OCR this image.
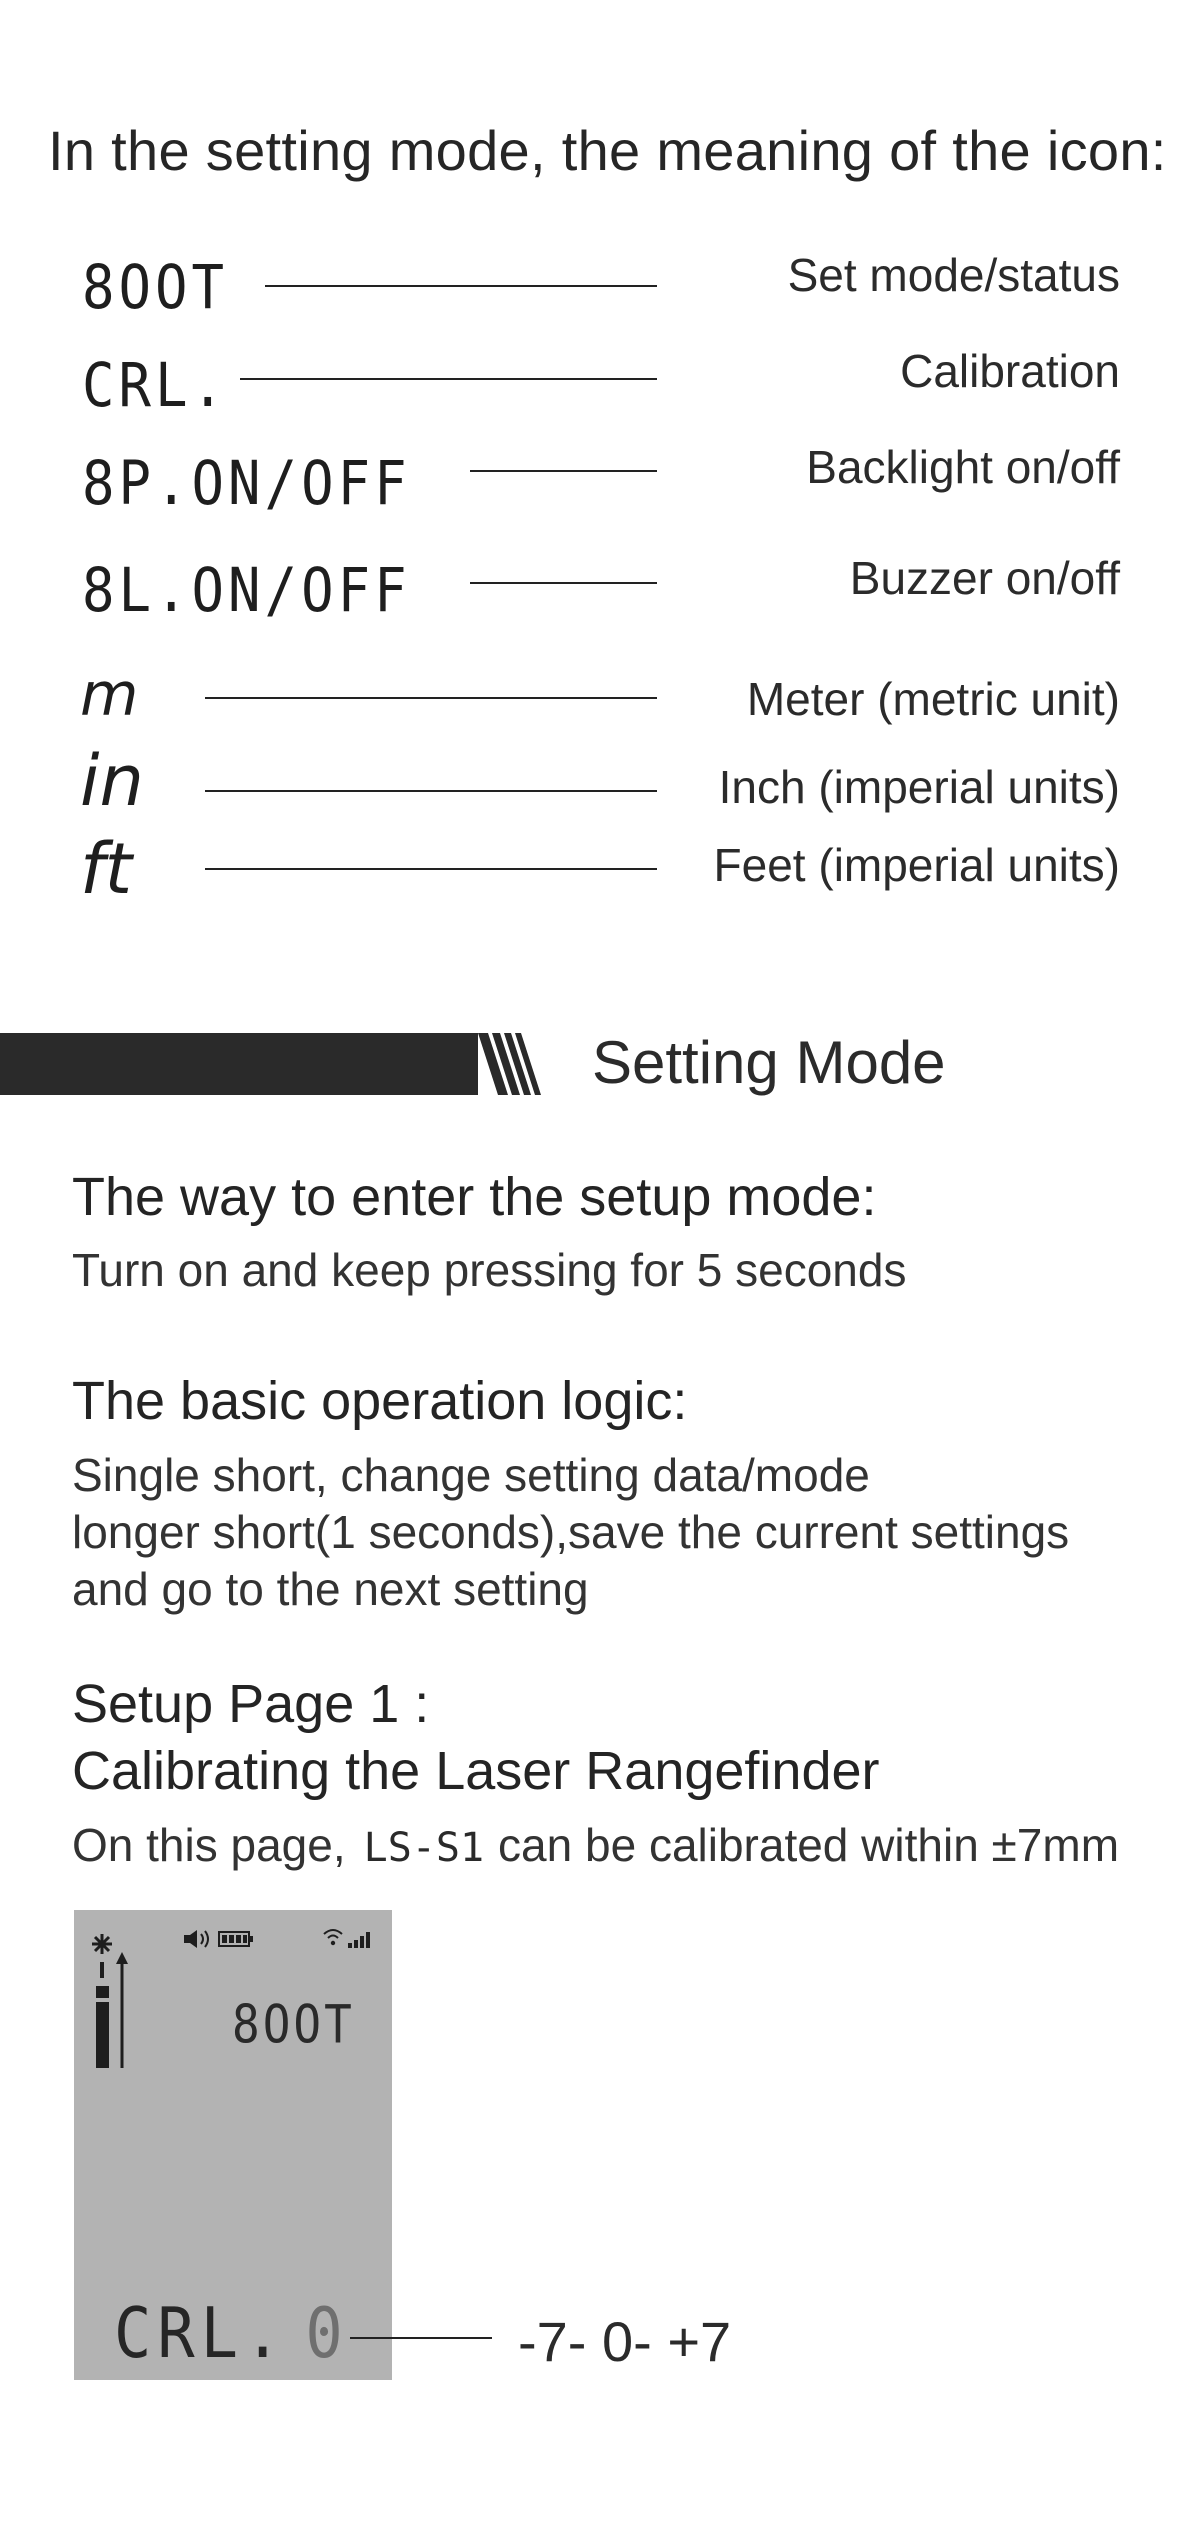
In the setting mode, the meaning of the icon:
8OOT	Set mode/status
CRL.	Calibration
8P.ON/OFF	Backlight on/off
8L.ON/OFF	Buzzer on/off
m	Meter (metric unit)
in	Inch (imperial units)
ft	Feet (imperial units)
Setting Mode
The way to enter the setup mode:
Turn on and keep pressing for 5 seconds
The basic operation logic:
Single short, change setting data/mode
longer short(1 seconds),save the current settings
and go to the next setting
Setup Page 1 :
Calibrating the Laser Rangefinder
On this page, LS-S1 can be calibrated within ±7mm
8OOT
CRL. 0	-7- 0- +7
